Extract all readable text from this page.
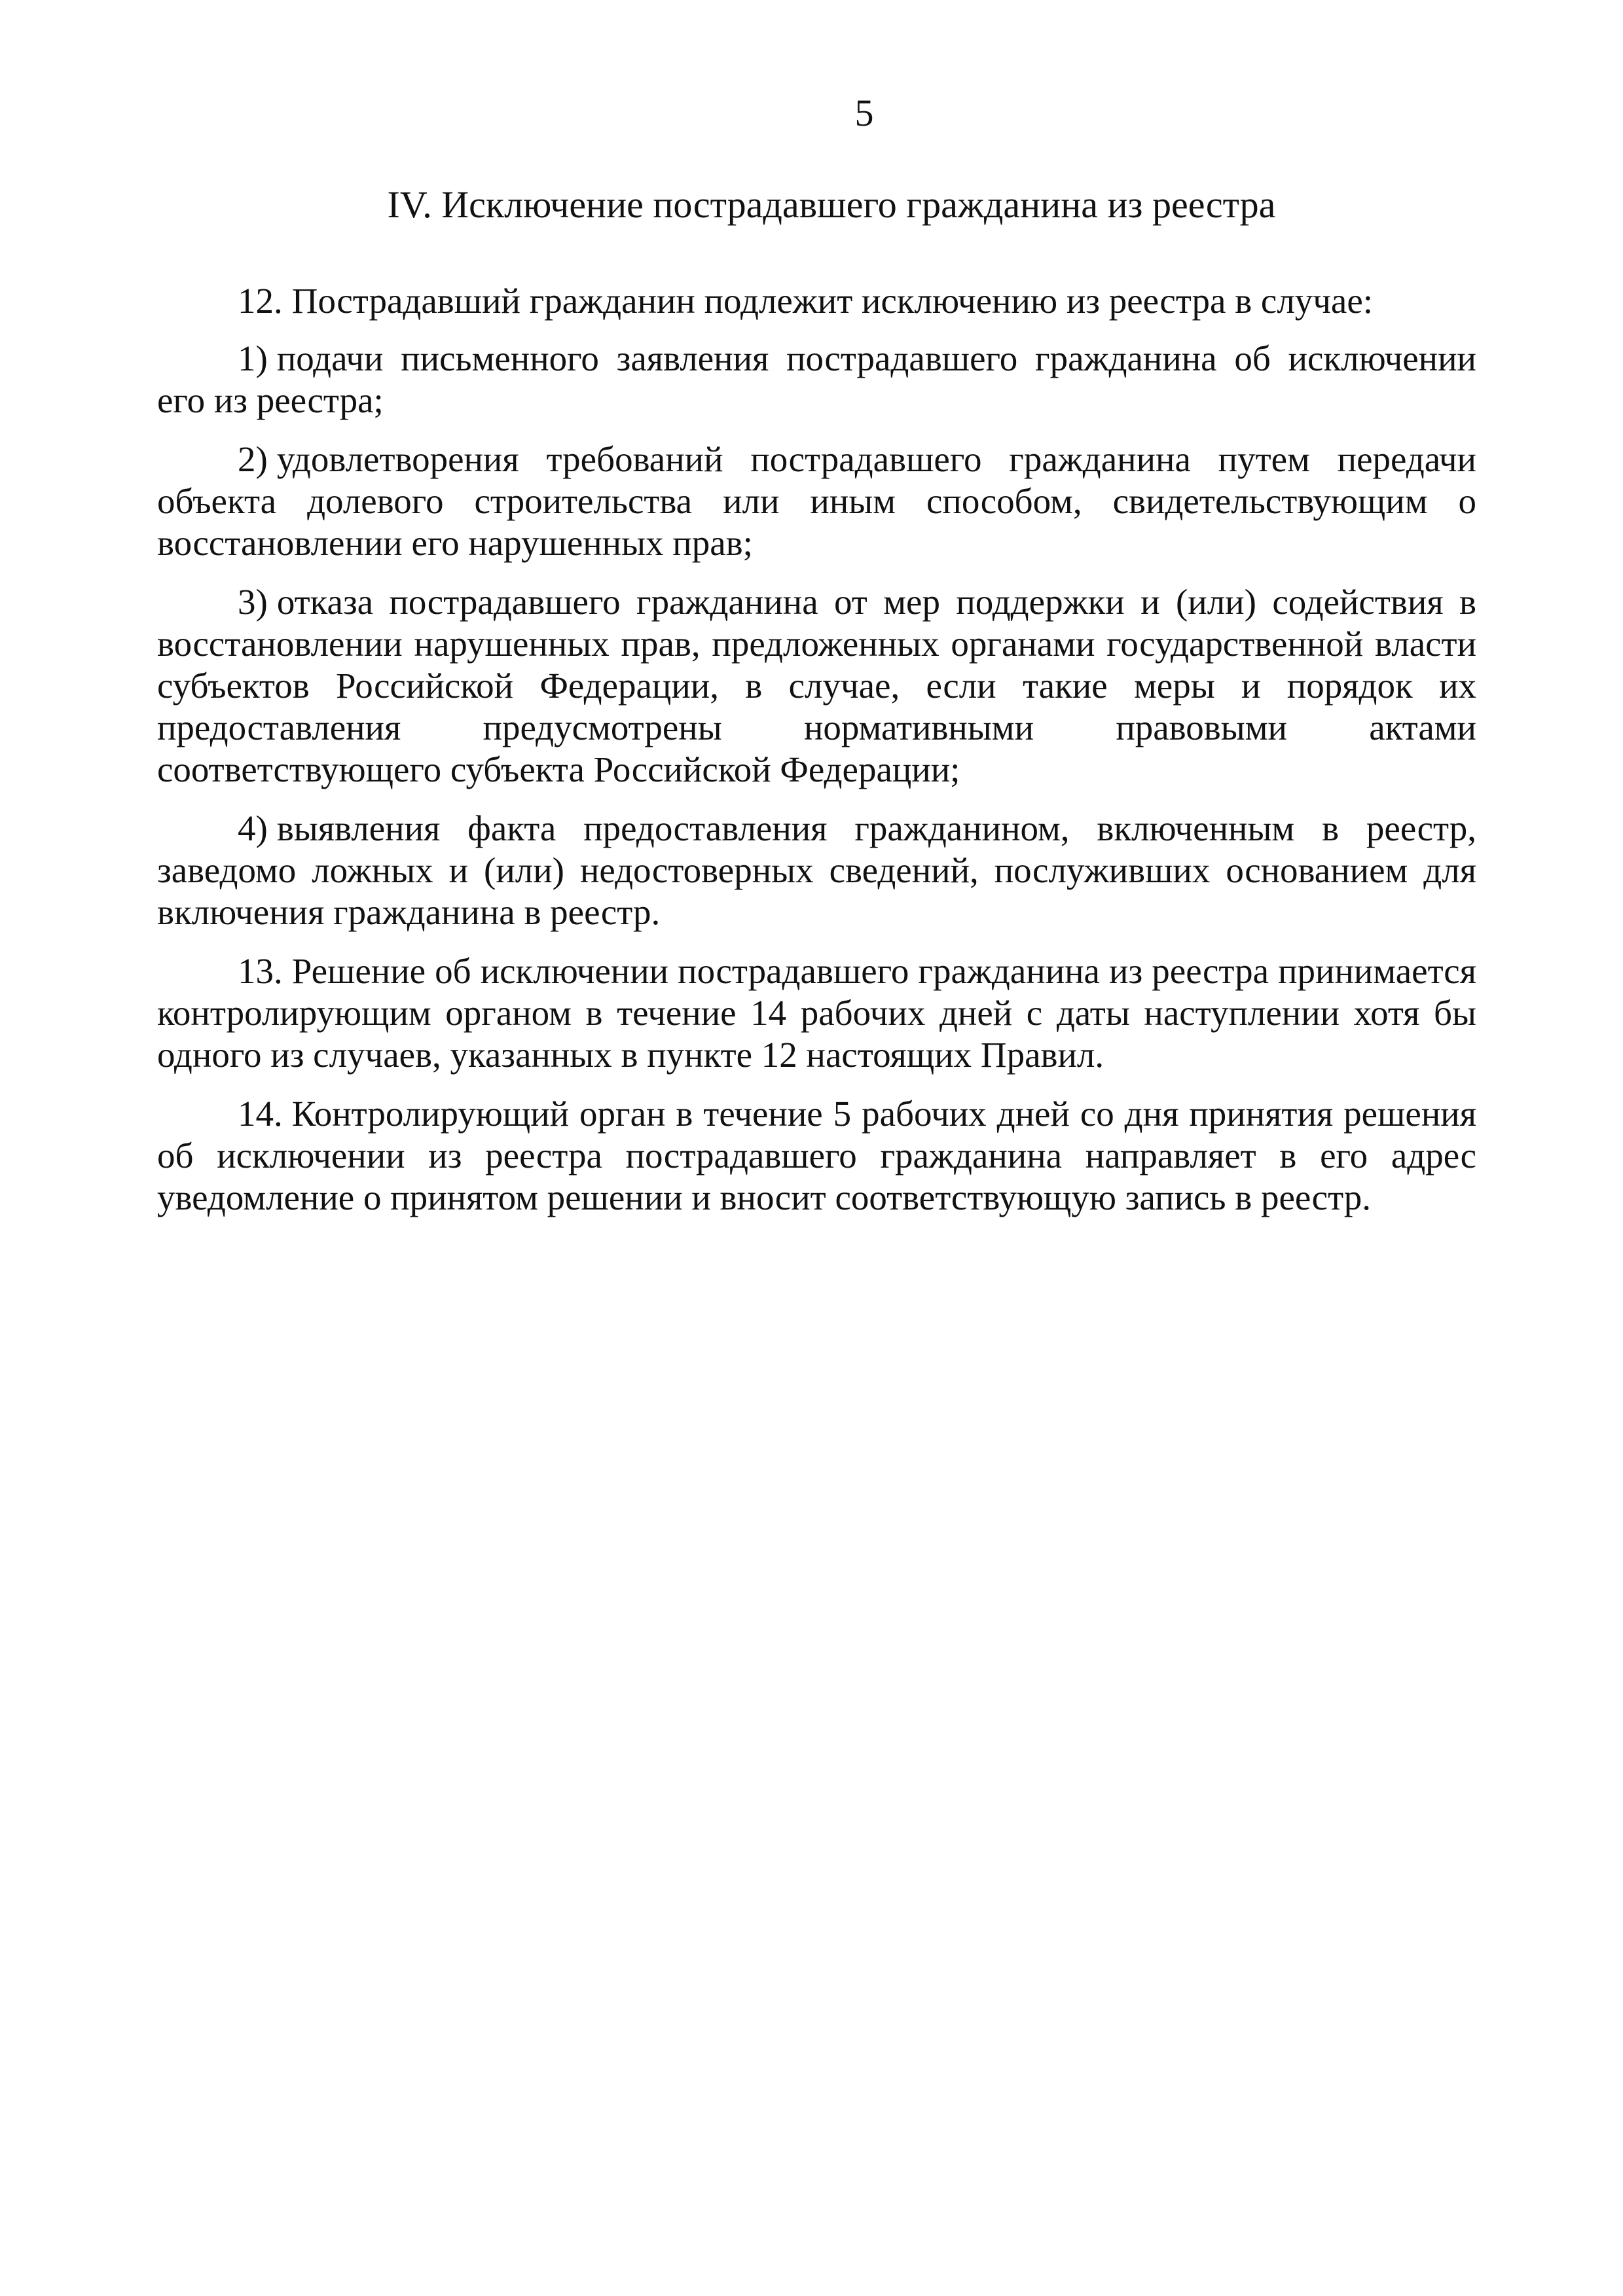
5
IV. Исключение пострадавшего гражданина из реестра

12. Пострадавший гражданин подлежит исключению из реестра в случае:

1) подачи письменного заявления пострадавшего гражданина об исключении его из реестра;

2) удовлетворения требований пострадавшего гражданина путем передачи объекта долевого строительства или иным способом, свидетельствующим о восстановлении его нарушенных прав;

3) отказа пострадавшего гражданина от мер поддержки и (или) содействия в восстановлении нарушенных прав, предложенных органами государственной власти субъектов Российской Федерации, в случае, если такие меры и порядок их предоставления предусмотрены нормативными правовыми актами соответствующего субъекта Российской Федерации;

4) выявления факта предоставления гражданином, включенным в реестр, заведомо ложных и (или) недостоверных сведений, послуживших основанием для включения гражданина в реестр.

13. Решение об исключении пострадавшего гражданина из реестра принимается контролирующим органом в течение 14 рабочих дней с даты наступлении хотя бы одного из случаев, указанных в пункте 12 настоящих Правил.

14. Контролирующий орган в течение 5 рабочих дней со дня принятия решения об исключении из реестра пострадавшего гражданина направляет в его адрес уведомление о принятом решении и вносит соответствующую запись в реестр.
